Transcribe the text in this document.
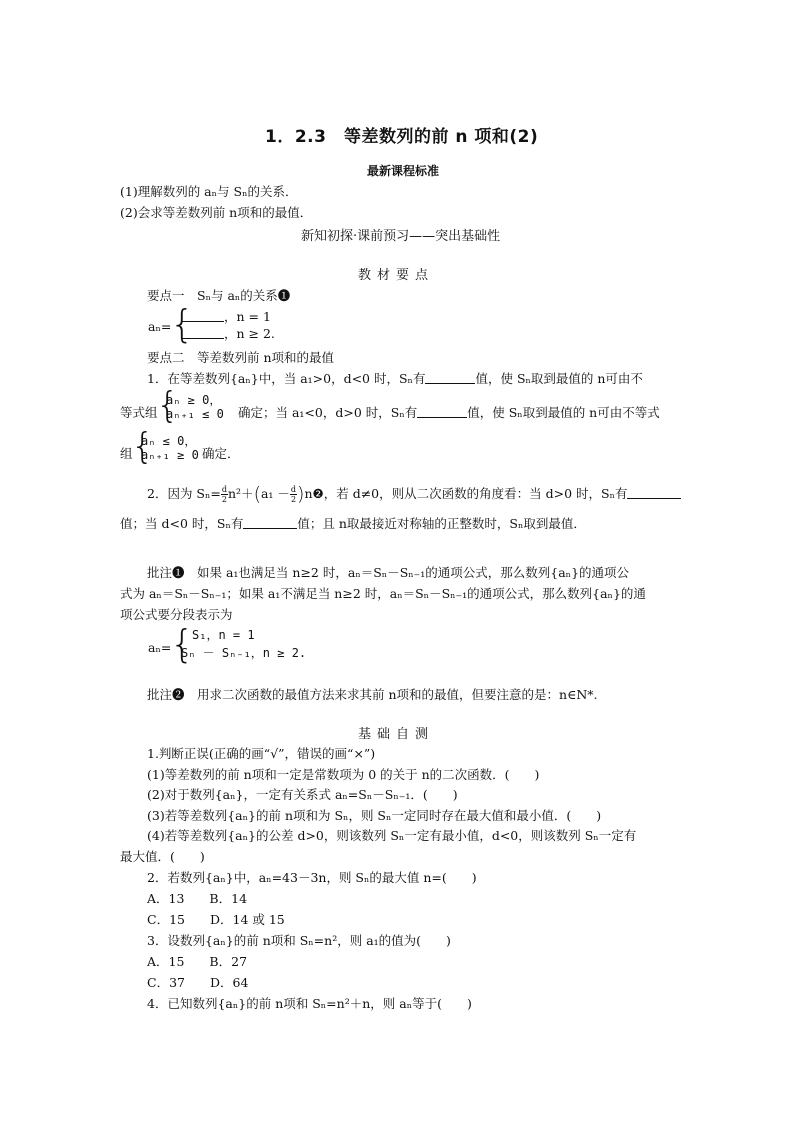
1．2.3　等差数列的前 n 项和(2)
最新课程标准
(1)理解数列的 aₙ与 Sₙ的关系．
(2)会求等差数列前 n项和的最值．
新知初探·课前预习——突出基础性
教材要点
要点一　Sₙ与 aₙ的关系❶
aₙ=
{	，n = 1
，n ≥ 2.
要点二　等差数列前 n项和的最值
1．在等差数列{aₙ}中，当 a₁>0，d<0 时，Sₙ有	值，使 Sₙ取到最值的 n可由不
等式组
{
aₙ ≥ 0，
aₙ₊₁ ≤ 0 确定；当 a₁<0，d>0 时，Sₙ有	值，使 Sₙ取到最值的 n可由不等式
组
{
aₙ ≤ 0，
aₙ₊₁ ≥ 0 确定．
2．因为 $S_n= \frac{d}{2} n^2+(a_1 - \frac{d}{2}$ )n❷，若 d≠0，则从二次函数的角度看：当 d>0 时，Sₙ有
值；当 d<0 时，Sₙ有	值；且 n取最接近对称轴的正整数时，Sₙ取到最值．
批注❶　如果 a₁也满足当 n≥2 时，aₙ＝Sₙ－Sₙ₋₁的通项公式，那么数列{aₙ}的通项公
式为 aₙ＝Sₙ－Sₙ₋₁；如果 a₁不满足当 n≥2 时，aₙ＝Sₙ－Sₙ₋₁的通项公式，那么数列{aₙ}的通
项公式要分段表示为
aₙ=
{
S₁，n = 1
Sₙ － Sₙ₋₁，n ≥ 2.
批注❷　用求二次函数的最值方法来求其前 n项和的最值，但要注意的是：n∈N*.
基础自测
1.判断正误(正确的画“√”，错误的画“×”)
(1)等差数列的前 n项和一定是常数项为 0 的关于 n的二次函数．(　　)
(2)对于数列{aₙ}，一定有关系式 aₙ=Sₙ－Sₙ₋₁．(　　)
(3)若等差数列{aₙ}的前 n项和为 Sₙ，则 Sₙ一定同时存在最大值和最小值．(　　)
(4)若等差数列{aₙ}的公差 d>0，则该数列 Sₙ一定有最小值，d<0，则该数列 Sₙ一定有
最大值．(　　)
2．若数列{aₙ}中，aₙ=43－3n，则 Sₙ的最大值 n=(　　)
A．13　　B．14
C．15　　D．14 或 15
3．设数列{aₙ}的前 n项和 Sₙ=n²，则 a₁的值为(　　)
A．15　　B．27
C．37　　D．64
4．已知数列{aₙ}的前 n项和 Sₙ=n²＋n，则 aₙ等于(　　)
